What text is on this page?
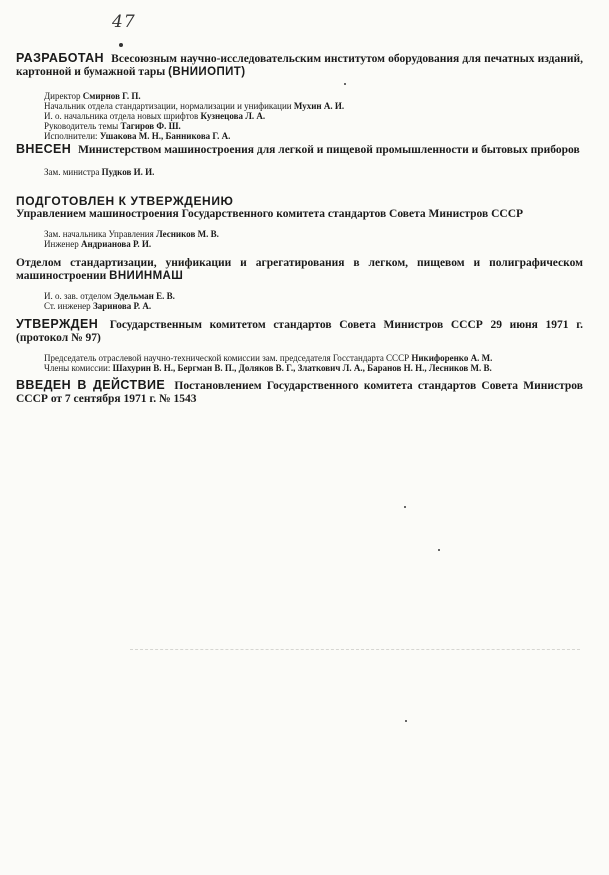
47
РАЗРАБОТАН Всесоюзным научно-исследовательским институтом оборудования для печатных изданий, картонной и бумажной тары (ВНИИОПИТ)
Директор Смирнов Г. П.
Начальник отдела стандартизации, нормализации и унификации Мухин А. И.
И. о. начальника отдела новых шрифтов Кузнецова Л. А.
Руководитель темы Тагиров Ф. Ш.
Исполнители: Ушакова М. Н., Банникова Г. А.
ВНЕСЕН Министерством машиностроения для легкой и пищевой промышленности и бытовых приборов
Зам. министра Пудков И. И.
ПОДГОТОВЛЕН К УТВЕРЖДЕНИЮ
Управлением машиностроения Государственного комитета стандартов Совета Министров СССР
Зам. начальника Управления Лесников М. В.
Инженер Андрианова Р. И.
Отделом стандартизации, унификации и агрегатирования в легком, пищевом и полиграфическом машиностроении ВНИИНМАШ
И. о. зав. отделом Эдельман Е. В.
Ст. инженер Заринова Р. А.
УТВЕРЖДЕН Государственным комитетом стандартов Совета Министров СССР 29 июня 1971 г. (протокол № 97)
Председатель отраслевой научно-технической комиссии зам. председателя Госстандарта СССР Никифоренко А. М.
Члены комиссии: Шахурин В. Н., Бергман В. П., Доляков В. Г., Златкович Л. А., Баранов Н. Н., Лесников М. В.
ВВЕДЕН В ДЕЙСТВИЕ Постановлением Государственного комитета стандартов Совета Министров СССР от 7 сентября 1971 г. № 1543
